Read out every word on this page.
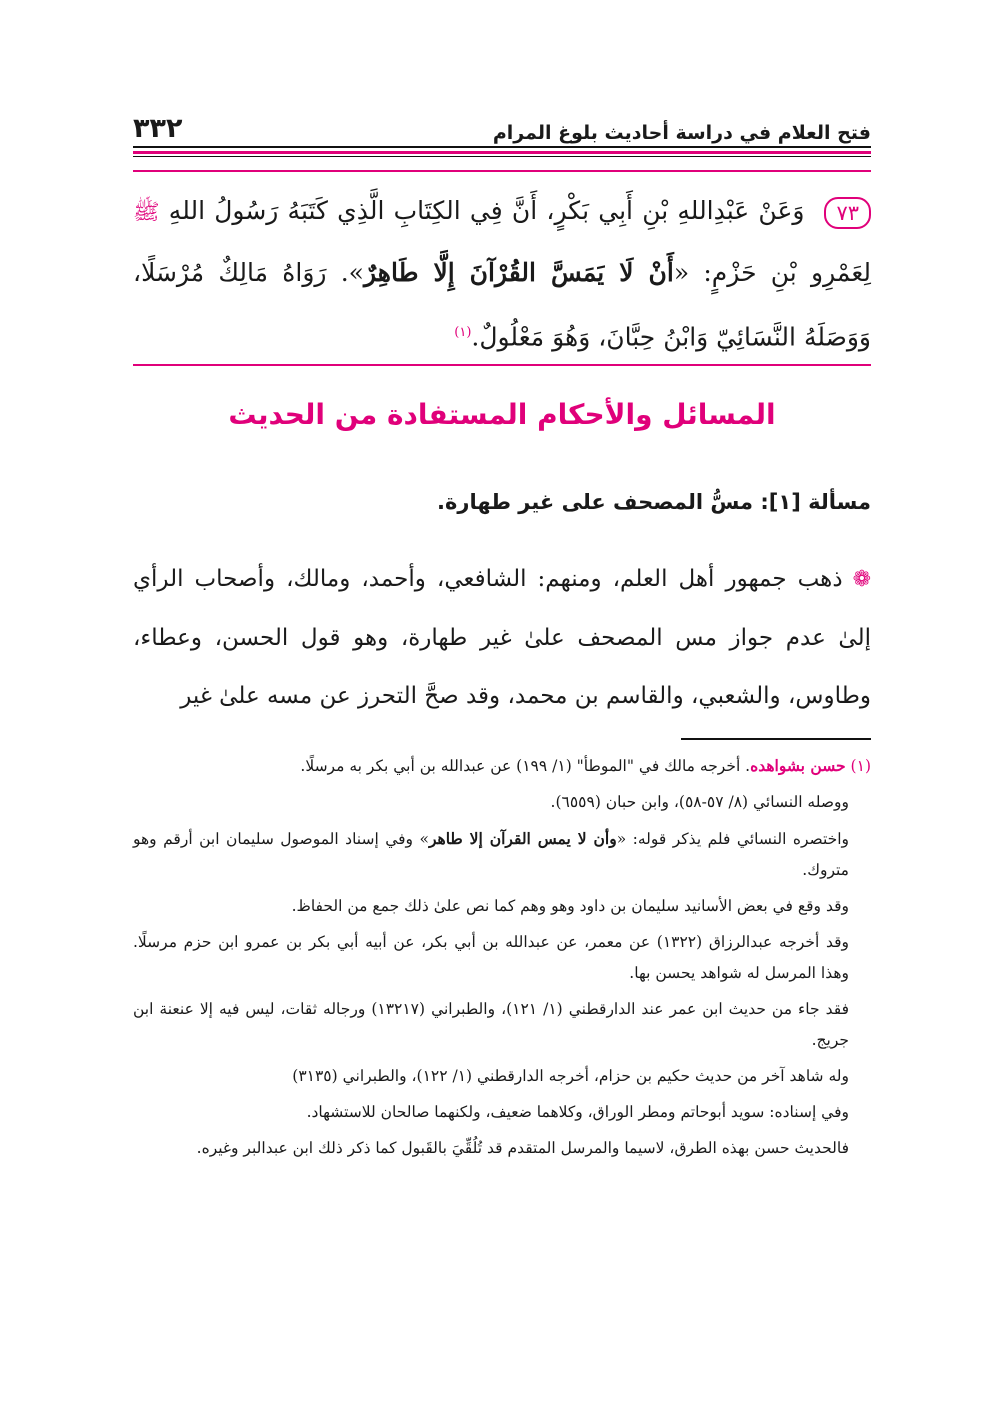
فتح العلام في دراسة أحاديث بلوغ المرام
٣٣٢
٧٣وَعَنْ عَبْدِاللهِ بْنِ أَبِي بَكْرٍ، أَنَّ فِي الكِتَابِ الَّذِي كَتَبَهُ رَسُولُ اللهِ ﷺ لِعَمْرِو بْنِ حَزْمٍ: «أَنْ لَا يَمَسَّ القُرْآنَ إِلَّا طَاهِرٌ». رَوَاهُ مَالِكٌ مُرْسَلًا، وَوَصَلَهُ النَّسَائِيّ وَابْنُ حِبَّانَ، وَهُوَ مَعْلُولٌ.$^{(١)}$
المسائل والأحكام المستفادة من الحديث
مسألة [١]: مسُّ المصحف على غير طهارة.
❁ذهب جمهور أهل العلم، ومنهم: الشافعي، وأحمد، ومالك، وأصحاب الرأي إلىٰ عدم جواز مس المصحف علىٰ غير طهارة، وهو قول الحسن، وعطاء، وطاوس، والشعبي، والقاسم بن محمد، وقد صحَّ التحرز عن مسه علىٰ غير

(١) حسن بشواهده. أخرجه مالك في "الموطأ" (١/ ١٩٩) عن عبدالله بن أبي بكر به مرسلًا.

ووصله النسائي (٨/ ٥٧-٥٨)، وابن حبان (٦٥٥٩).

واختصره النسائي فلم يذكر قوله: «وأن لا يمس القرآن إلا طاهر» وفي إسناد الموصول سليمان ابن أرقم وهو متروك.

وقد وقع في بعض الأسانيد سليمان بن داود وهو وهم كما نص علىٰ ذلك جمع من الحفاظ.

وقد أخرجه عبدالرزاق (١٣٢٢) عن معمر، عن عبدالله بن أبي بكر، عن أبيه أبي بكر بن عمرو ابن حزم مرسلًا. وهذا المرسل له شواهد يحسن بها.

فقد جاء من حديث ابن عمر عند الدارقطني (١/ ١٢١)، والطبراني (١٣٢١٧) ورجاله ثقات، ليس فيه إلا عنعنة ابن جريج.

وله شاهد آخر من حديث حكيم بن حزام، أخرجه الدارقطني (١/ ١٢٢)، والطبراني (٣١٣٥)

وفي إسناده: سويد أبوحاتم ومطر الوراق، وكلاهما ضعيف، ولكنهما صالحان للاستشهاد.

فالحديث حسن بهذه الطرق، لاسيما والمرسل المتقدم قد تُلُقِّيَ بالقَبول كما ذكر ذلك ابن عبدالبر وغيره.
